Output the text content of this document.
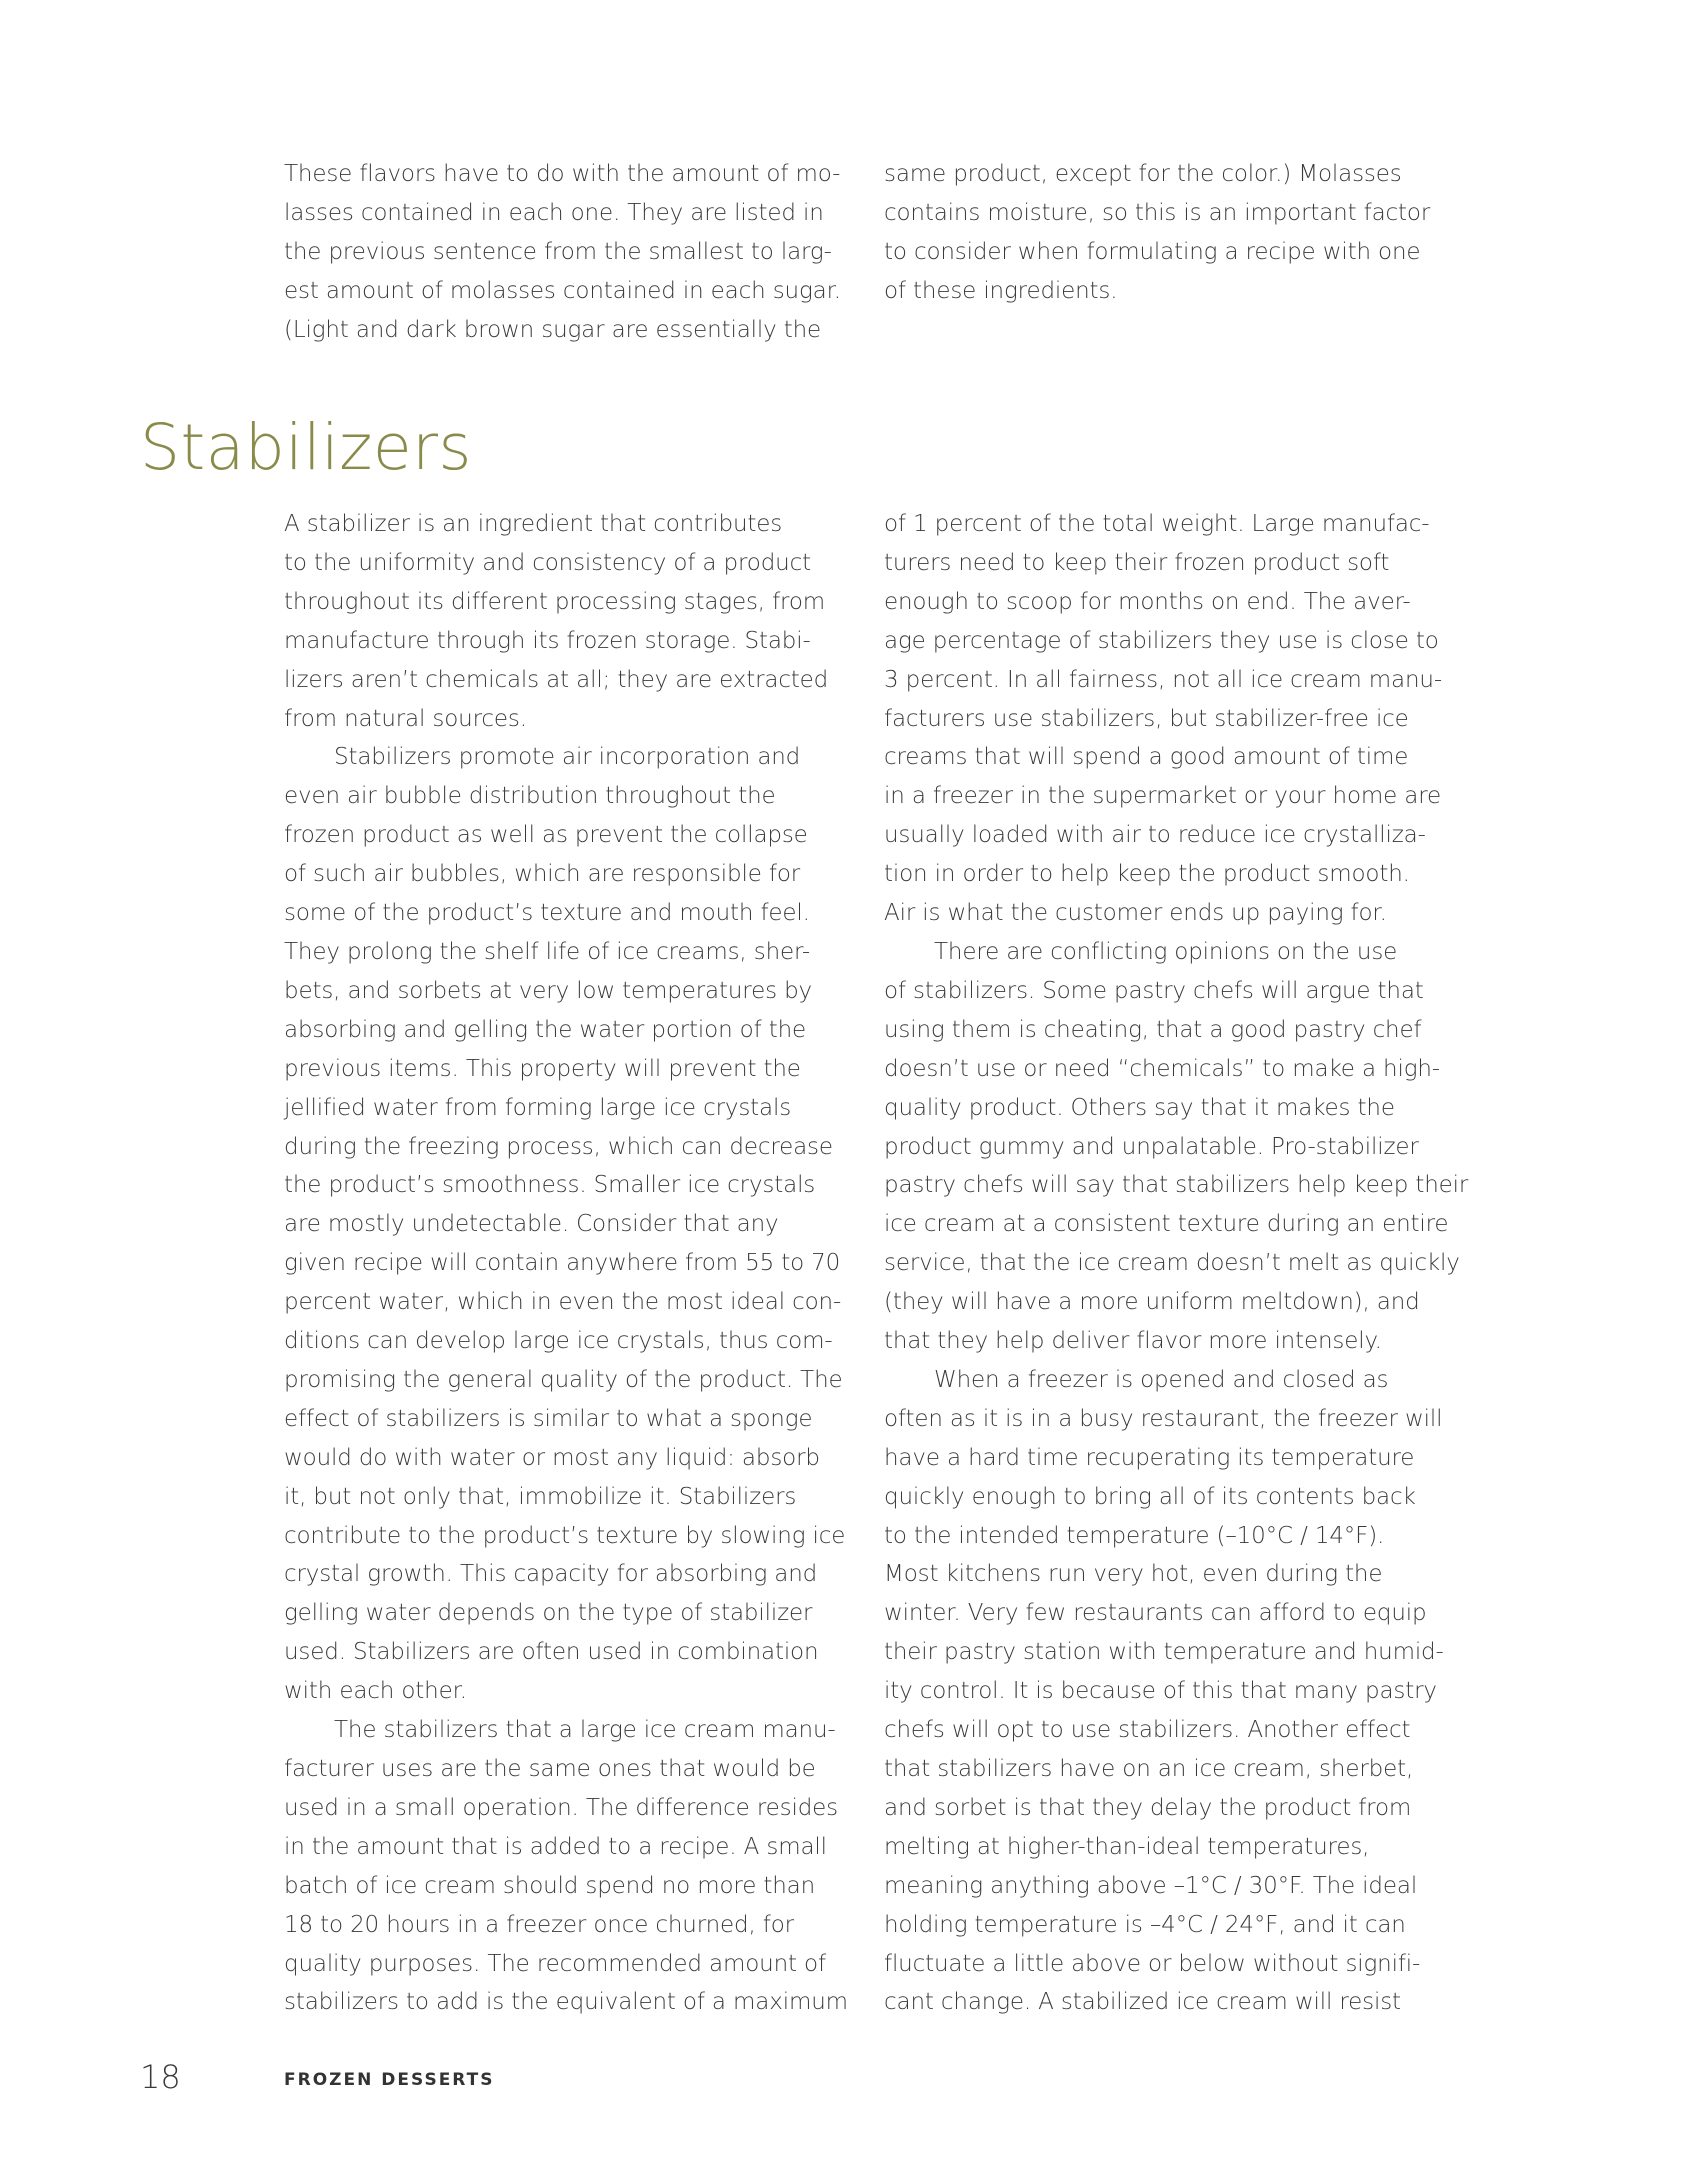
These flavors have to do with the amount of mo-
lasses contained in each one. They are listed in
the previous sentence from the smallest to larg-
est amount of molasses contained in each sugar.
(Light and dark brown sugar are essentially the

same product, except for the color.) Molasses
contains moisture, so this is an important factor
to consider when formulating a recipe with one
of these ingredients.

Stabilizers

A stabilizer is an ingredient that contributes
to the uniformity and consistency of a product
throughout its different processing stages, from
manufacture through its frozen storage. Stabi-
lizers aren’t chemicals at all; they are extracted
from natural sources.

Stabilizers promote air incorporation and
even air bubble distribution throughout the
frozen product as well as prevent the collapse
of such air bubbles, which are responsible for
some of the product’s texture and mouth feel.
They prolong the shelf life of ice creams, sher-
bets, and sorbets at very low temperatures by
absorbing and gelling the water portion of the
previous items. This property will prevent the
jellified water from forming large ice crystals
during the freezing process, which can decrease
the product’s smoothness. Smaller ice crystals
are mostly undetectable. Consider that any
given recipe will contain anywhere from 55 to 70
percent water, which in even the most ideal con-
ditions can develop large ice crystals, thus com-
promising the general quality of the product. The
effect of stabilizers is similar to what a sponge
would do with water or most any liquid: absorb
it, but not only that, immobilize it. Stabilizers
contribute to the product’s texture by slowing ice
crystal growth. This capacity for absorbing and
gelling water depends on the type of stabilizer
used. Stabilizers are often used in combination
with each other.

The stabilizers that a large ice cream manu-
facturer uses are the same ones that would be
used in a small operation. The difference resides
in the amount that is added to a recipe. A small
batch of ice cream should spend no more than
18 to 20 hours in a freezer once churned, for
quality purposes. The recommended amount of
stabilizers to add is the equivalent of a maximum

of 1 percent of the total weight. Large manufac-
turers need to keep their frozen product soft
enough to scoop for months on end. The aver-
age percentage of stabilizers they use is close to
3 percent. In all fairness, not all ice cream manu-
facturers use stabilizers, but stabilizer-free ice
creams that will spend a good amount of time
in a freezer in the supermarket or your home are
usually loaded with air to reduce ice crystalliza-
tion in order to help keep the product smooth.
Air is what the customer ends up paying for.

There are conflicting opinions on the use
of stabilizers. Some pastry chefs will argue that
using them is cheating, that a good pastry chef
doesn’t use or need “chemicals” to make a high-
quality product. Others say that it makes the
product gummy and unpalatable. Pro-stabilizer
pastry chefs will say that stabilizers help keep their
ice cream at a consistent texture during an entire
service, that the ice cream doesn’t melt as quickly
(they will have a more uniform meltdown), and
that they help deliver flavor more intensely.

When a freezer is opened and closed as
often as it is in a busy restaurant, the freezer will
have a hard time recuperating its temperature
quickly enough to bring all of its contents back
to the intended temperature (–10°C / 14°F).
Most kitchens run very hot, even during the
winter. Very few restaurants can afford to equip
their pastry station with temperature and humid-
ity control. It is because of this that many pastry
chefs will opt to use stabilizers. Another effect
that stabilizers have on an ice cream, sherbet,
and sorbet is that they delay the product from
melting at higher-than-ideal temperatures,
meaning anything above –1°C / 30°F. The ideal
holding temperature is –4°C / 24°F, and it can
fluctuate a little above or below without signifi-
cant change. A stabilized ice cream will resist

18	FROZEN DESSERTS
